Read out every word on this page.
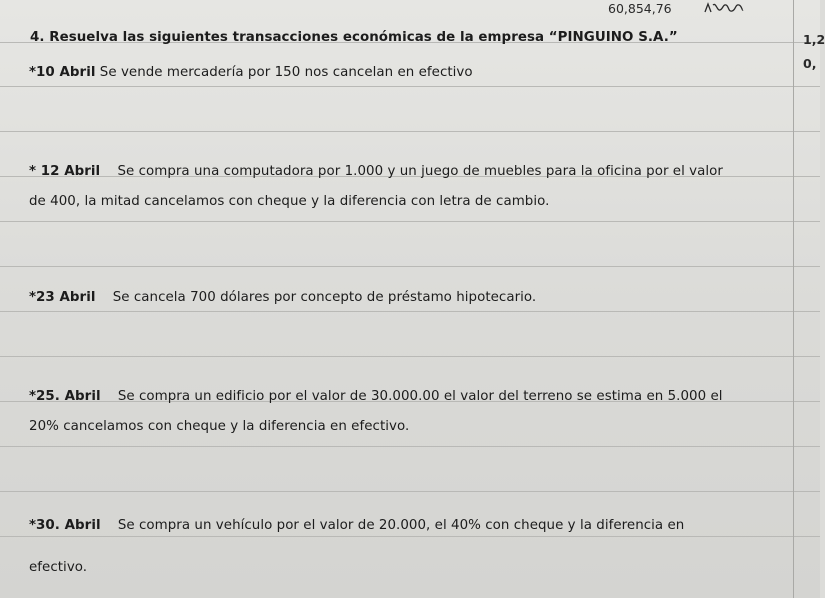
60,854,76
4. Resuelva las siguientes transacciones económicas de la empresa “PINGUINO S.A.”	1,2
0,
*10 Abril Se vende mercadería por 150 nos cancelan en efectivo
* 12 Abril Se compra una computadora por 1.000 y un juego de muebles para la oficina por el valor
de 400, la mitad cancelamos con cheque y la diferencia con letra de cambio.
*23 Abril Se cancela 700 dólares por concepto de préstamo hipotecario.
*25. Abril Se compra un edificio por el valor de 30.000.00 el valor del terreno se estima en 5.000 el
20% cancelamos con cheque y la diferencia en efectivo.
*30. Abril Se compra un vehículo por el valor de 20.000, el 40% con cheque y la diferencia en
efectivo.
